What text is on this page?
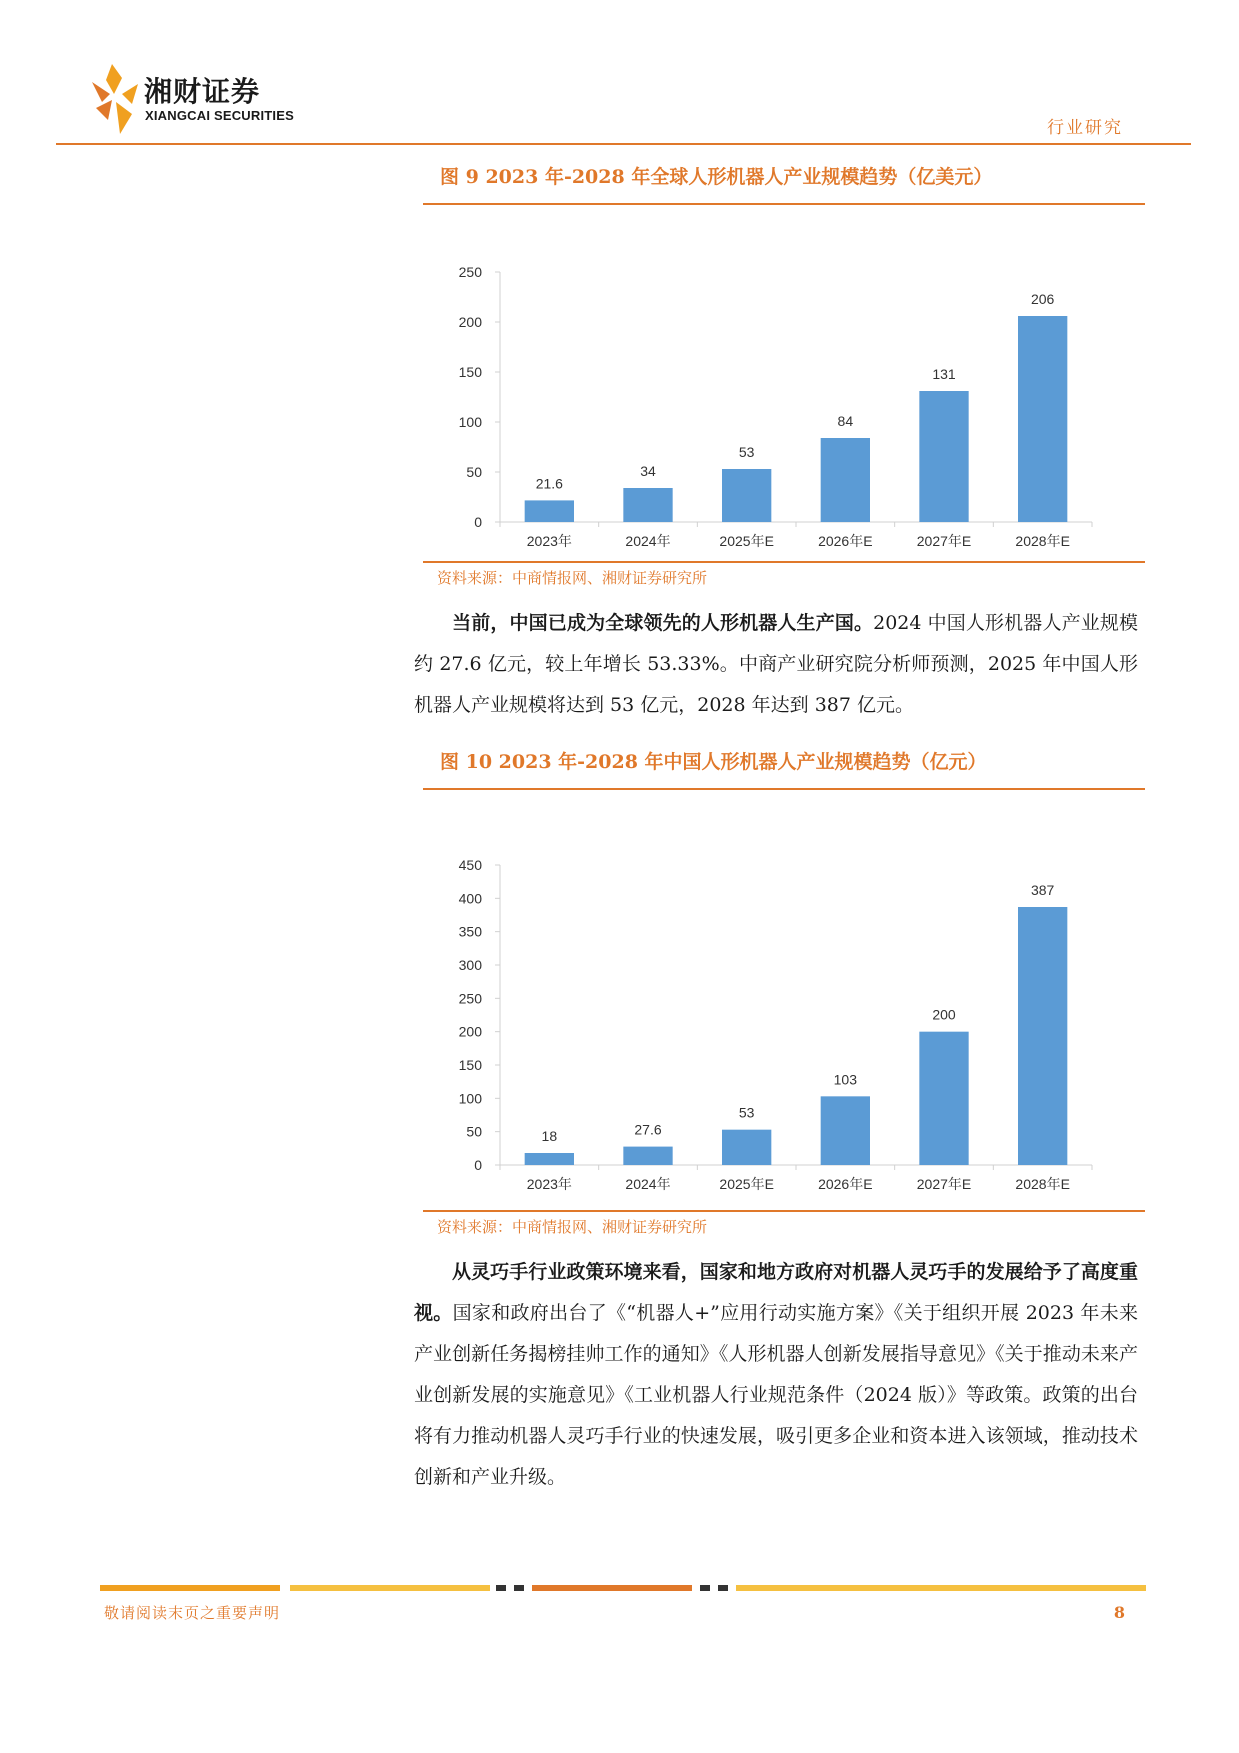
湘财证券
XIANGCAI SECURITIES
行业研究
图 9 2023 年-2028 年全球人形机器人产业规模趋势（亿美元）
0
50
100
150
200
250
21.6
2023年
34
2024年
53
2025年E
84
2026年E
131
2027年E
206
2028年E
资料来源：中商情报网、湘财证券研究所
当前，中国已成为全球领先的人形机器人生产国。2024 中国人形机器人产业规模约 27.6 亿元，较上年增长 53.33%。中商产业研究院分析师预测，2025 年中国人形机器人产业规模将达到 53 亿元，2028 年达到 387 亿元。
图 10 2023 年-2028 年中国人形机器人产业规模趋势（亿元）
0
50
100
150
200
250
300
350
400
450
18
2023年
27.6
2024年
53
2025年E
103
2026年E
200
2027年E
387
2028年E
资料来源：中商情报网、湘财证券研究所
从灵巧手行业政策环境来看，国家和地方政府对机器人灵巧手的发展给予了高度重视。国家和政府出台了《“机器人+”应用行动实施方案》《关于组织开展 2023 年未来产业创新任务揭榜挂帅工作的通知》《人形机器人创新发展指导意见》《关于推动未来产业创新发展的实施意见》《工业机器人行业规范条件（2024 版）》等政策。政策的出台将有力推动机器人灵巧手行业的快速发展，吸引更多企业和资本进入该领域，推动技术创新和产业升级。
敬请阅读末页之重要声明	8
